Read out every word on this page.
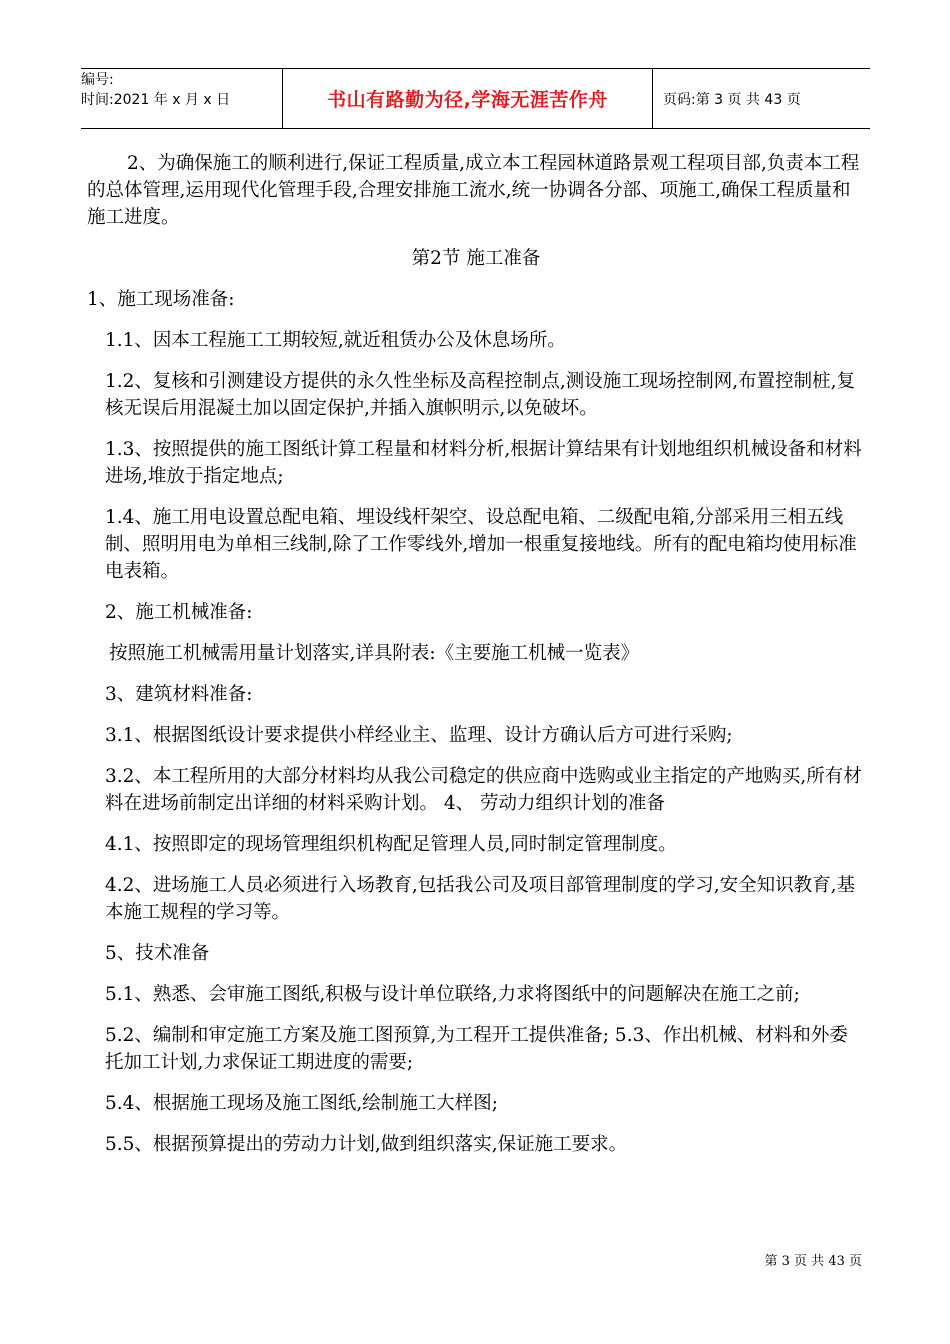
编号:
时间:2021 年 x 月 x 日	书山有路勤为径,学海无涯苦作舟	页码:第 3 页 共 43 页

2、为确保施工的顺利进行,保证工程质量,成立本工程园林道路景观工程项目部,负责本工程的总体管理,运用现代化管理手段,合理安排施工流水,统一协调各分部、项施工,确保工程质量和施工进度。

第2节 施工准备

1、施工现场准备:

1.1、因本工程施工工期较短,就近租赁办公及休息场所。

1.2、复核和引测建设方提供的永久性坐标及高程控制点,测设施工现场控制网,布置控制桩,复核无误后用混凝土加以固定保护,并插入旗帜明示,以免破坏。

1.3、按照提供的施工图纸计算工程量和材料分析,根据计算结果有计划地组织机械设备和材料进场,堆放于指定地点;

1.4、施工用电设置总配电箱、埋设线杆架空、设总配电箱、二级配电箱,分部采用三相五线制、照明用电为单相三线制,除了工作零线外,增加一根重复接地线。所有的配电箱均使用标准电表箱。

2、施工机械准备:

按照施工机械需用量计划落实,详具附表:《主要施工机械一览表》

3、建筑材料准备:

3.1、根据图纸设计要求提供小样经业主、监理、设计方确认后方可进行采购;

3.2、本工程所用的大部分材料均从我公司稳定的供应商中选购或业主指定的产地购买,所有材料在进场前制定出详细的材料采购计划。 4、 劳动力组织计划的准备

4.1、按照即定的现场管理组织机构配足管理人员,同时制定管理制度。

4.2、进场施工人员必须进行入场教育,包括我公司及项目部管理制度的学习,安全知识教育,基本施工规程的学习等。

5、技术准备

5.1、熟悉、会审施工图纸,积极与设计单位联络,力求将图纸中的问题解决在施工之前;

5.2、编制和审定施工方案及施工图预算,为工程开工提供准备; 5.3、作出机械、材料和外委托加工计划,力求保证工期进度的需要;

5.4、根据施工现场及施工图纸,绘制施工大样图;

5.5、根据预算提出的劳动力计划,做到组织落实,保证施工要求。

第 3 页 共 43 页
